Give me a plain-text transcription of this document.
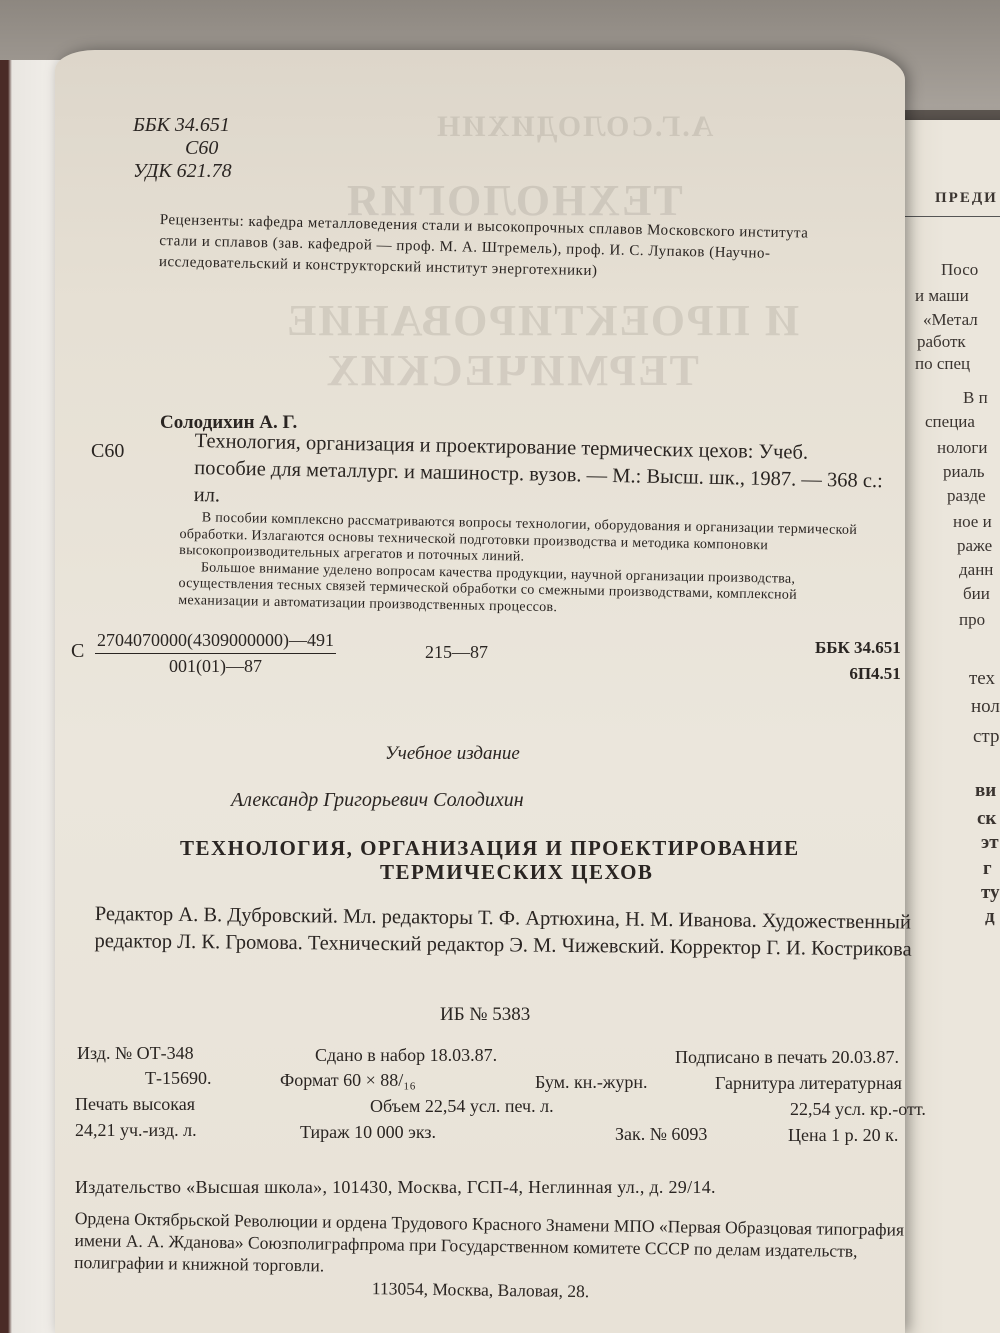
ПРЕДИ
Посо
и маши
«Метал
работк
по спец
В п
специа
нологи
риаль
разде
ное и
раже
данн
бии
про
тех
нол
стр
ви
ск
эт
г
ту
д
А.Г.СОЛОДИХИН
ТЕХНОЛОГИЯ
И ПРОЕКТИРОВАНИЕ
ТЕРМИЧЕСКИХ
ББК 34.651
С60
УДК 621.78
Рецензенты: кафедра металловедения стали и высокопрочных сплавов Московского института стали и сплавов (зав. кафедрой — проф. М. А. Штремель), проф. И. С. Лупаков (Научно-исследовательский и конструкторский институт энерготехники)
Солодихин А. Г.
С60	Технология, организация и проектирование термических цехов: Учеб. пособие для металлург. и машиностр. вузов. — М.: Высш. шк., 1987. — 368 с.: ил.

В пособии комплексно рассматриваются вопросы технологии, оборудования и организации термической обработки. Излагаются основы технической подготовки производства и методика компоновки высокопроизводительных агрегатов и поточных линий.

Большое внимание уделено вопросам качества продукции, научной организации производства, осуществления тесных связей термической обработки со смежными производствами, комплексной механизации и автоматизации производственных процессов.

С $\frac{2704070000(4309000000)—491}{001(01)—87}$	215—87	ББК 34.651
6П4.51
Учебное издание
Александр Григорьевич Солодихин
ТЕХНОЛОГИЯ, ОРГАНИЗАЦИЯ И ПРОЕКТИРОВАНИЕ
ТЕРМИЧЕСКИХ ЦЕХОВ
Редактор А. В. Дубровский. Мл. редакторы Т. Ф. Артюхина, Н. М. Иванова. Художественный редактор Л. К. Громова. Технический редактор Э. М. Чижевский. Корректор Г. И. Кострикова
ИБ № 5383
Изд. № ОТ-348
Т-15690.
Печать высокая
24,21 уч.-изд. л.
Сдано в набор 18.03.87.
Формат 60 × 88/₁₆
Объем 22,54 усл. печ. л.
Тираж 10 000 экз.
Бум. кн.-журн.
Зак. № 6093
Подписано в печать 20.03.87.
Гарнитура литературная
22,54 усл. кр.-отт.
Цена 1 р. 20 к.
Издательство «Высшая школа», 101430, Москва, ГСП-4, Неглинная ул., д. 29/14.
Ордена Октябрьской Революции и ордена Трудового Красного Знамени МПО «Первая Образцовая типография имени А. А. Жданова» Союзполиграфпрома при Государственном комитете СССР по делам издательств, полиграфии и книжной торговли.
113054, Москва, Валовая, 28.
